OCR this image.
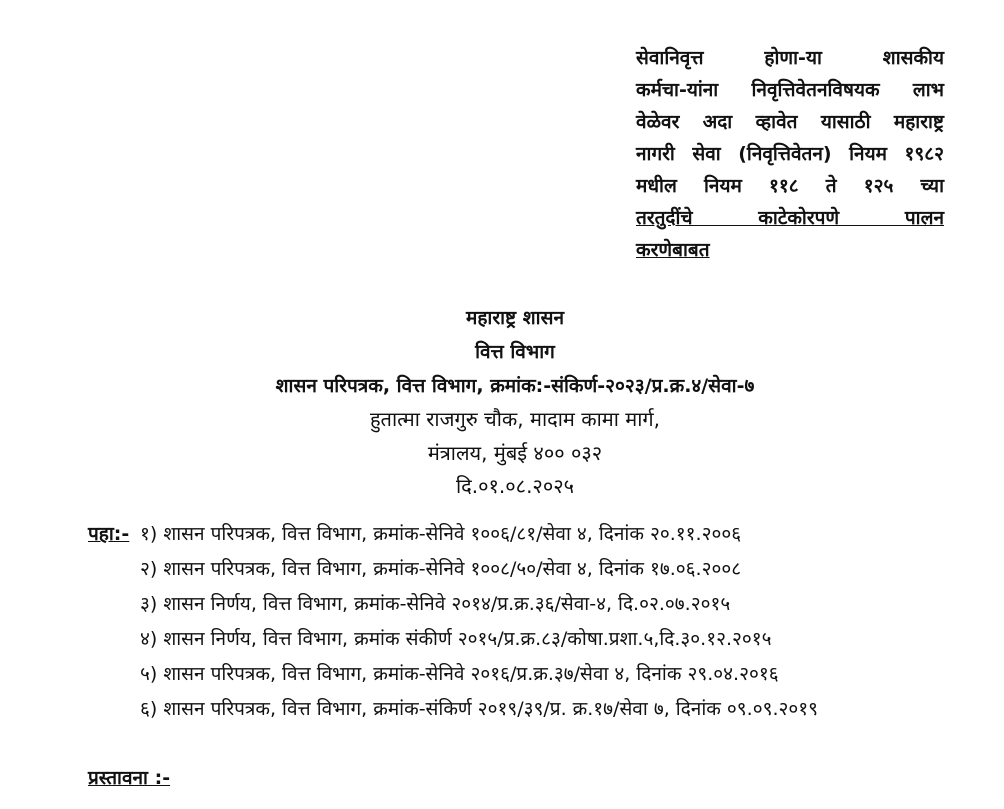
सेवानिवृत्त होणा-या शासकीय
कर्मचा-यांना निवृत्तिवेतनविषयक लाभ
वेळेवर अदा व्हावेत यासाठी महाराष्ट्र
नागरी सेवा (निवृत्तिवेतन) नियम १९८२
मधील नियम ११८ ते १२५ च्या
तरतुदींचे काटेकोरपणे पालन
करणेबाबत
महाराष्ट्र शासन
वित्त विभाग
शासन परिपत्रक, वित्त विभाग, क्रमांक:-संकिर्ण-२०२३/प्र.क्र.४/सेवा-७
हुतात्मा राजगुरु चौक, मादाम कामा मार्ग,
मंत्रालय, मुंबई ४०० ०३२
दि.०१.०८.२०२५
पहा:- १) शासन परिपत्रक, वित्त विभाग, क्रमांक-सेनिवे १००६/८१/सेवा ४, दिनांक २०.११.२००६
२) शासन परिपत्रक, वित्त विभाग, क्रमांक-सेनिवे १००८/५०/सेवा ४, दिनांक १७.०६.२००८
३) शासन निर्णय, वित्त विभाग, क्रमांक-सेनिवे २०१४/प्र.क्र.३६/सेवा-४, दि.०२.०७.२०१५
४) शासन निर्णय, वित्त विभाग, क्रमांक संकीर्ण २०१५/प्र.क्र.८३/कोषा.प्रशा.५,दि.३०.१२.२०१५
५) शासन परिपत्रक, वित्त विभाग, क्रमांक-सेनिवे २०१६/प्र.क्र.३७/सेवा ४, दिनांक २९.०४.२०१६
६) शासन परिपत्रक, वित्त विभाग, क्रमांक-संकिर्ण २०१९/३९/प्र. क्र.१७/सेवा ७, दिनांक ०९.०९.२०१९
प्रस्तावना :-
